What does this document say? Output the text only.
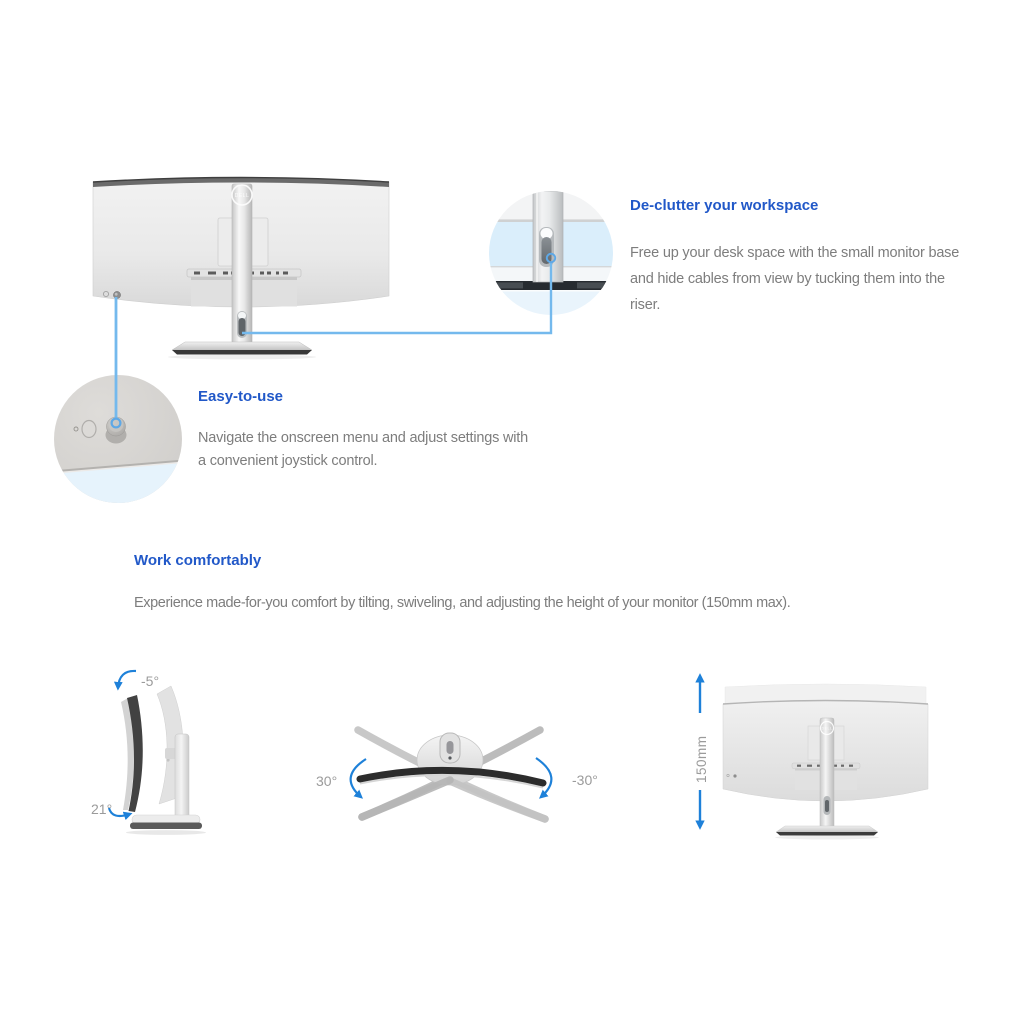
DELL
De-clutter your workspace
Free up your desk space with the small monitor base and hide cables from view by tucking them into the riser.
Easy-to-use
Navigate the onscreen menu and adjust settings with a convenient joystick control.
Work comfortably
Experience made-for-you comfort by tilting, swiveling, and adjusting the height of your monitor (150mm max).
-5°
21°
30°	-30°
DELL
150mm
